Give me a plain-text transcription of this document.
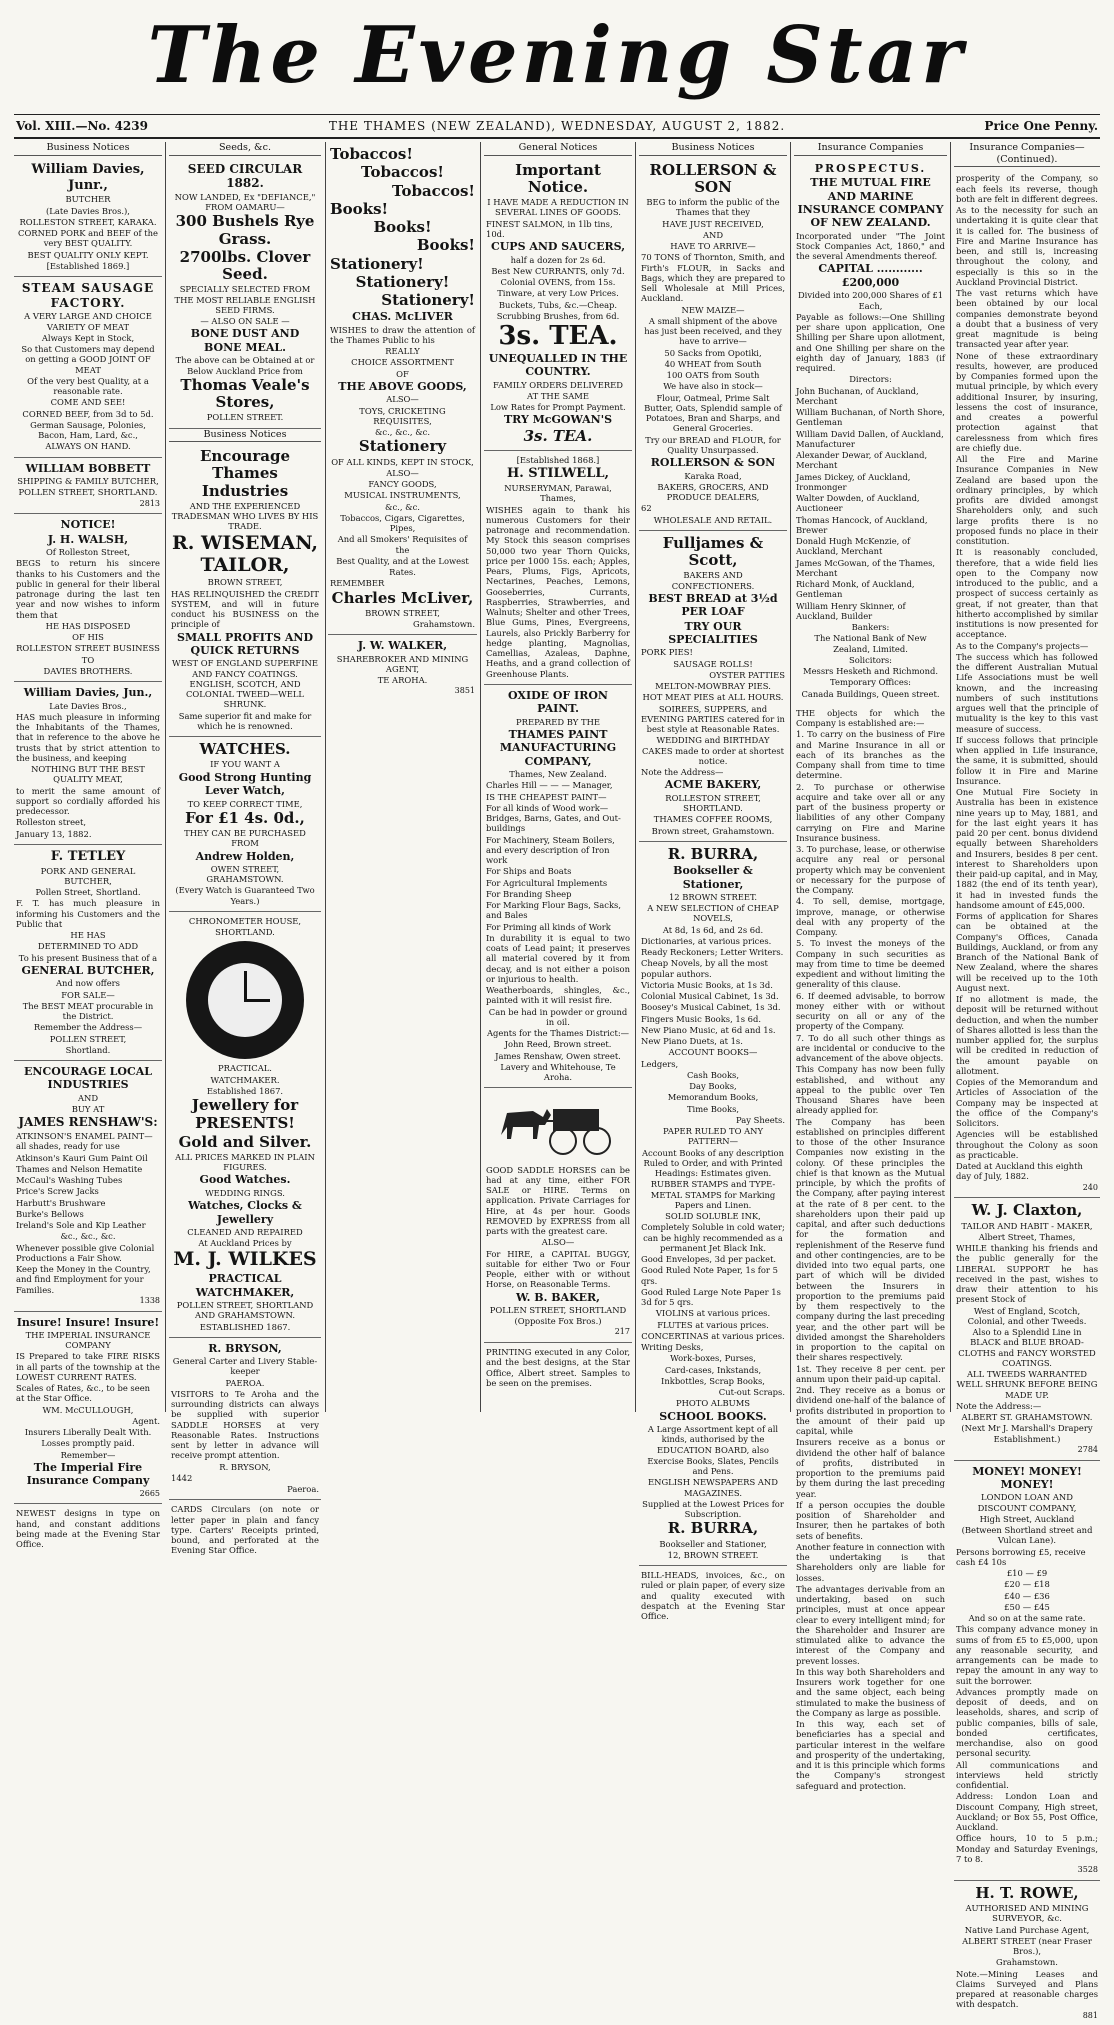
The Evening Star
Vol. XIII.—No. 4239	THE THAMES (NEW ZEALAND), WEDNESDAY, AUGUST 2, 1882.	Price One Penny.
Business Notices

William Davies, Junr.,

BUTCHER

(Late Davies Bros.),

ROLLESTON STREET, KARAKA.

CORNED PORK and BEEF of the very BEST QUALITY.

BEST QUALITY ONLY KEPT.

[Established 1869.]

STEAM SAUSAGE FACTORY.

A VERY LARGE AND CHOICE VARIETY OF MEAT

Always Kept in Stock,

So that Customers may depend on getting a GOOD JOINT OF MEAT

Of the very best Quality, at a reasonable rate.

COME AND SEE!

CORNED BEEF, from 3d to 5d.

German Sausage, Polonies, Bacon, Ham, Lard, &c.,

ALWAYS ON HAND.

WILLIAM BOBBETT

SHIPPING & FAMILY BUTCHER,

POLLEN STREET, SHORTLAND.

2813

NOTICE!

J. H. WALSH,

Of Rolleston Street,

BEGS to return his sincere thanks to his Customers and the public in general for their liberal patronage during the last ten year and now wishes to inform them that

HE HAS DISPOSED

OF HIS

ROLLESTON STREET BUSINESS

TO

DAVIES BROTHERS.

William Davies, Jun.,

Late Davies Bros.,

HAS much pleasure in informing the Inhabitants of the Thames, that in reference to the above he trusts that by strict attention to the business, and keeping

NOTHING BUT THE BEST QUALITY MEAT,

to merit the same amount of support so cordially afforded his predecessor.

Rolleston street,

January 13, 1882.

F. TETLEY

PORK AND GENERAL BUTCHER,

Pollen Street, Shortland.

F. T. has much pleasure in informing his Customers and the Public that

HE HAS

DETERMINED TO ADD

To his present Business that of a

GENERAL BUTCHER,

And now offers

FOR SALE—

The BEST MEAT procurable in the District.

Remember the Address—

POLLEN STREET,

Shortland.

ENCOURAGE LOCAL INDUSTRIES

AND

BUY AT

JAMES RENSHAW'S:

ATKINSON'S ENAMEL PAINT—all shades, ready for use

Atkinson's Kauri Gum Paint Oil

Thames and Nelson Hematite

McCaul's Washing Tubes

Price's Screw Jacks

Harbutt's Brushware

Burke's Bellows

Ireland's Sole and Kip Leather

&c., &c., &c.

Whenever possible give Colonial Productions a Fair Show.

Keep the Money in the Country, and find Employment for your Families.

1338

Insure! Insure! Insure!

THE IMPERIAL INSURANCE COMPANY

IS Prepared to take FIRE RISKS in all parts of the township at the LOWEST CURRENT RATES.

Scales of Rates, &c., to be seen at the Star Office.

WM. McCULLOUGH,

Agent.

Insurers Liberally Dealt With.

Losses promptly paid.

Remember—

The Imperial Fire Insurance Company

2665

NEWEST designs in type on hand, and constant additions being made at the Evening Star Office.

Seeds, &c.

SEED CIRCULAR 1882.

NOW LANDED, Ex "DEFIANCE," FROM OAMARU—

300 Bushels Rye Grass.

2700lbs. Clover Seed.

SPECIALLY SELECTED FROM THE MOST RELIABLE ENGLISH SEED FIRMS.

— ALSO ON SALE —

BONE DUST AND BONE MEAL.

The above can be Obtained at or Below Auckland Price from

Thomas Veale's Stores,

POLLEN STREET.

Business Notices

Encourage Thames Industries

AND THE EXPERIENCED TRADESMAN WHO LIVES BY HIS TRADE.

R. WISEMAN, TAILOR,

BROWN STREET,

HAS RELINQUISHED the CREDIT SYSTEM, and will in future conduct his BUSINESS on the principle of

SMALL PROFITS AND QUICK RETURNS

WEST OF ENGLAND SUPERFINE AND FANCY COATINGS. ENGLISH, SCOTCH, AND COLONIAL TWEED—WELL SHRUNK.

Same superior fit and make for which he is renowned.

WATCHES.

IF YOU WANT A

Good Strong Hunting Lever Watch,

TO KEEP CORRECT TIME,

For £1 4s. 0d.,

THEY CAN BE PURCHASED FROM

Andrew Holden,

OWEN STREET, GRAHAMSTOWN.

(Every Watch is Guaranteed Two Years.)

CHRONOMETER HOUSE,

SHORTLAND.

PRACTICAL.

WATCHMAKER.

Established 1867.

Jewellery for

PRESENTS!

Gold and Silver.

ALL PRICES MARKED IN PLAIN FIGURES.

Good Watches.

WEDDING RINGS.

Watches, Clocks & Jewellery

CLEANED AND REPAIRED

At Auckland Prices by

M. J. WILKES

PRACTICAL WATCHMAKER,

POLLEN STREET, SHORTLAND AND GRAHAMSTOWN.

ESTABLISHED 1867.

R. BRYSON,

General Carter and Livery Stable-keeper

PAEROA.

VISITORS to Te Aroha and the surrounding districts can always be supplied with superior SADDLE HORSES at very Reasonable Rates. Instructions sent by letter in advance will receive prompt attention.

R. BRYSON,

1442

Paeroa.

CARDS Circulars (on note or letter paper in plain and fancy type. Carters' Receipts printed, bound, and perforated at the Evening Star Office.

Tobaccos!

Tobaccos!

Tobaccos!

Books!

Books!

Books!

Stationery!

Stationery!

Stationery!

CHAS. McLIVER

WISHES to draw the attention of the Thames Public to his

REALLY

CHOICE ASSORTMENT

OF

THE ABOVE GOODS,

ALSO—

TOYS, CRICKETING REQUISITES,

&c., &c., &c.

Stationery

OF ALL KINDS, KEPT IN STOCK,

ALSO—

FANCY GOODS,

MUSICAL INSTRUMENTS,

&c., &c.

Tobaccos, Cigars, Cigarettes, Pipes,

And all Smokers' Requisites of the

Best Quality, and at the Lowest

Rates.

REMEMBER

Charles McLiver,

BROWN STREET,

Grahamstown.

J. W. WALKER,

SHAREBROKER AND MINING AGENT,

TE AROHA.

3851

General Notices

Important Notice.

I HAVE MADE A REDUCTION IN SEVERAL LINES OF GOODS.

FINEST SALMON, in 1lb tins, 10d.

CUPS AND SAUCERS,

half a dozen for 2s 6d.

Best New CURRANTS, only 7d.

Colonial OVENS, from 15s.

Tinware, at very Low Prices.

Buckets, Tubs, &c.—Cheap.

Scrubbing Brushes, from 6d.

3s. TEA.

UNEQUALLED IN THE COUNTRY.

FAMILY ORDERS DELIVERED

AT THE SAME

Low Rates for Prompt Payment.

TRY McGOWAN'S

3s. TEA.

[Established 1868.]

H. STILWELL,

NURSERYMAN, Parawai, Thames,

WISHES again to thank his numerous Customers for their patronage and recommendation. My Stock this season comprises 50,000 two year Thorn Quicks, price per 1000 15s. each; Apples, Pears, Plums, Figs, Apricots, Nectarines, Peaches, Lemons, Gooseberries, Currants, Raspberries, Strawberries, and Walnuts; Shelter and other Trees, Blue Gums, Pines, Evergreens, Laurels, also Prickly Barberry for hedge planting, Magnolias, Camellias, Azaleas, Daphne, Heaths, and a grand collection of Greenhouse Plants.

OXIDE OF IRON PAINT.

PREPARED BY THE

THAMES PAINT MANUFACTURING COMPANY,

Thames, New Zealand.

Charles Hill — — — Manager,

IS THE CHEAPEST PAINT—

For all kinds of Wood work—Bridges, Barns, Gates, and Out-buildings

For Machinery, Steam Boilers, and every description of Iron work

For Ships and Boats

For Agricultural Implements

For Branding Sheep

For Marking Flour Bags, Sacks, and Bales

For Priming all kinds of Work

In durability it is equal to two coats of Lead paint; it preserves all material covered by it from decay, and is not either a poison or injurious to health.

Weatherboards, shingles, &c., painted with it will resist fire.

Can be had in powder or ground in oil.

Agents for the Thames District:—

John Reed, Brown street.

James Renshaw, Owen street.

Lavery and Whitehouse, Te Aroha.

GOOD SADDLE HORSES can be had at any time, either FOR SALE or HIRE. Terms on application. Private Carriages for Hire, at 4s per hour. Goods REMOVED by EXPRESS from all parts with the greatest care.

ALSO—

For HIRE, a CAPITAL BUGGY, suitable for either Two or Four People, either with or without Horse, on Reasonable Terms.

W. B. BAKER,

POLLEN STREET, SHORTLAND

(Opposite Fox Bros.)

217

PRINTING executed in any Color, and the best designs, at the Star Office, Albert street. Samples to be seen on the premises.

Business Notices

ROLLERSON & SON

BEG to inform the public of the Thames that they

HAVE JUST RECEIVED,

AND

HAVE TO ARRIVE—

70 TONS of Thornton, Smith, and Firth's FLOUR, in Sacks and Bags, which they are prepared to Sell Wholesale at Mill Prices, Auckland.

NEW MAIZE—

A small shipment of the above has just been received, and they have to arrive—

50 Sacks from Opotiki,

40 WHEAT from South

100 OATS from South

We have also in stock—

Flour, Oatmeal, Prime Salt Butter, Oats, Splendid sample of Potatoes, Bran and Sharps, and General Groceries.

Try our BREAD and FLOUR, for Quality Unsurpassed.

ROLLERSON & SON

Karaka Road,

BAKERS, GROCERS, AND PRODUCE DEALERS,

62

WHOLESALE AND RETAIL.

Fulljames & Scott,

BAKERS AND CONFECTIONERS.

BEST BREAD at 3½d PER LOAF

TRY OUR SPECIALITIES

PORK PIES!

SAUSAGE ROLLS!

OYSTER PATTIES

MELTON-MOWBRAY PIES.

HOT MEAT PIES at ALL HOURS.

SOIREES, SUPPERS, and EVENING PARTIES catered for in best style at Reasonable Rates.

WEDDING and BIRTHDAY CAKES made to order at shortest notice.

Note the Address—

ACME BAKERY,

ROLLESTON STREET, SHORTLAND.

THAMES COFFEE ROOMS,

Brown street, Grahamstown.

R. BURRA,

Bookseller & Stationer,

12 BROWN STREET.

A NEW SELECTION of CHEAP NOVELS,

At 8d, 1s 6d, and 2s 6d.

Dictionaries, at various prices.

Ready Reckoners; Letter Writers.

Cheap Novels, by all the most popular authors.

Victoria Music Books, at 1s 3d.

Colonial Musical Cabinet, 1s 3d.

Boosey's Musical Cabinet, 1s 3d.

Fingers Music Books, 1s 6d.

New Piano Music, at 6d and 1s.

New Piano Duets, at 1s.

ACCOUNT BOOKS—

Ledgers,

Cash Books,

Day Books,

Memorandum Books,

Time Books,

Pay Sheets.

PAPER RULED TO ANY PATTERN—

Account Books of any description Ruled to Order, and with Printed Headings: Estimates given.

RUBBER STAMPS and TYPE-METAL STAMPS for Marking Papers and Linen.

SOLID SOLUBLE INK,

Completely Soluble in cold water; can be highly recommended as a permanent Jet Black Ink.

Good Envelopes, 3d per packet.

Good Ruled Note Paper, 1s for 5 qrs.

Good Ruled Large Note Paper 1s 3d for 5 qrs.

VIOLINS at various prices.

FLUTES at various prices.

CONCERTINAS at various prices.

Writing Desks,

Work-boxes, Purses,

Card-cases, Inkstands,

Inkbottles, Scrap Books,

Cut-out Scraps.

PHOTO ALBUMS

SCHOOL BOOKS.

A Large Assortment kept of all kinds, authorised by the EDUCATION BOARD, also

Exercise Books, Slates, Pencils and Pens.

ENGLISH NEWSPAPERS AND MAGAZINES.

Supplied at the Lowest Prices for Subscription.

R. BURRA,

Bookseller and Stationer,

12, BROWN STREET.

BILL-HEADS, invoices, &c., on ruled or plain paper, of every size and quality executed with despatch at the Evening Star Office.

Insurance Companies

PROSPECTUS.

THE MUTUAL FIRE AND MARINE INSURANCE COMPANY OF NEW ZEALAND.

Incorporated under "The Joint Stock Companies Act, 1860," and the several Amendments thereof.

CAPITAL ............ £200,000

Divided into 200,000 Shares of £1 Each,

Payable as follows:—One Shilling per share upon application, One Shilling per Share upon allotment, and One Shilling per share on the eighth day of January, 1883 (if required.

Directors:

John Buchanan, of Auckland, Merchant

William Buchanan, of North Shore, Gentleman

William David Dallen, of Auckland, Manufacturer

Alexander Dewar, of Auckland, Merchant

James Dickey, of Auckland, Ironmonger

Walter Dowden, of Auckland, Auctioneer

Thomas Hancock, of Auckland, Brewer

Donald Hugh McKenzie, of Auckland, Merchant

James McGowan, of the Thames, Merchant

Richard Monk, of Auckland, Gentleman

William Henry Skinner, of Auckland, Builder

Bankers:

The National Bank of New Zealand, Limited.

Solicitors:

Messrs Hesketh and Richmond.

Temporary Offices:

Canada Buildings, Queen street.

THE objects for which the Company is established are:—

1. To carry on the business of Fire and Marine Insurance in all or each of its branches as the Company shall from time to time determine.

2. To purchase or otherwise acquire and take over all or any part of the business property or liabilities of any other Company carrying on Fire and Marine Insurance business.

3. To purchase, lease, or otherwise acquire any real or personal property which may be convenient or necessary for the purpose of the Company.

4. To sell, demise, mortgage, improve, manage, or otherwise deal with any property of the Company.

5. To invest the moneys of the Company in such securities as may from time to time be deemed expedient and without limiting the generality of this clause.

6. If deemed advisable, to borrow money either with or without security on all or any of the property of the Company.

7. To do all such other things as are incidental or conducive to the advancement of the above objects.

This Company has now been fully established, and without any appeal to the public over Ten Thousand Shares have been already applied for.

The Company has been established on principles different to those of the other Insurance Companies now existing in the colony. Of these principles the chief is that known as the Mutual principle, by which the profits of the Company, after paying interest at the rate of 8 per cent. to the shareholders upon their paid up capital, and after such deductions for the formation and replenishment of the Reserve fund and other contingencies, are to be divided into two equal parts, one part of which will be divided between the Insurers in proportion to the premiums paid by them respectively to the company during the last preceding year, and the other part will be divided amongst the Shareholders in proportion to the capital on their shares respectively.

1st. They receive 8 per cent. per annum upon their paid-up capital.

2nd. They receive as a bonus or dividend one-half of the balance of profits distributed in proportion to the amount of their paid up capital, while

Insurers receive as a bonus or dividend the other half of balance of profits, distributed in proportion to the premiums paid by them during the last preceding year.

If a person occupies the double position of Shareholder and Insurer, then he partakes of both sets of benefits.

Another feature in connection with the undertaking is that Shareholders only are liable for losses.

The advantages derivable from an undertaking, based on such principles, must at once appear clear to every intelligent mind; for the Shareholder and Insurer are stimulated alike to advance the interest of the Company and prevent losses.

In this way both Shareholders and Insurers work together for one and the same object, each being stimulated to make the business of the Company as large as possible.

In this way, each set of beneficiaries has a special and particular interest in the welfare and prosperity of the undertaking, and it is this principle which forms the Company's strongest safeguard and protection.

Insurance Companies—(Continued).

prosperity of the Company, so each feels its reverse, though both are felt in different degrees.

As to the necessity for such an undertaking it is quite clear that it is called for. The business of Fire and Marine Insurance has been, and still is, increasing throughout the colony, and especially is this so in the Auckland Provincial District.

The vast returns which have been obtained by our local companies demonstrate beyond a doubt that a business of very great magnitude is being transacted year after year.

None of these extraordinary results, however, are produced by Companies formed upon the mutual principle, by which every additional Insurer, by insuring, lessens the cost of insurance, and creates a powerful protection against that carelessness from which fires are chiefly due.

All the Fire and Marine Insurance Companies in New Zealand are based upon the ordinary principles, by which profits are divided amongst Shareholders only, and such large profits there is no proposed funds no place in their constitution.

It is reasonably concluded, therefore, that a wide field lies open to the Company now introduced to the public, and a prospect of success certainly as great, if not greater, than that hitherto accomplished by similar institutions is now presented for acceptance.

As to the Company's projects—

The success which has followed the different Australian Mutual Life Associations must be well known, and the increasing numbers of such institutions argues well that the principle of mutuality is the key to this vast measure of success.

If success follows that principle when applied in Life insurance, the same, it is submitted, should follow it in Fire and Marine Insurance.

One Mutual Fire Society in Australia has been in existence nine years up to May, 1881, and for the last eight years it has paid 20 per cent. bonus dividend equally between Shareholders and Insurers, besides 8 per cent. interest to Shareholders upon their paid-up capital, and in May, 1882 (the end of its tenth year), it had in invested funds the handsome amount of £45,000.

Forms of application for Shares can be obtained at the Company's Offices, Canada Buildings, Auckland, or from any Branch of the National Bank of New Zealand, where the shares will be received up to the 10th August next.

If no allotment is made, the deposit will be returned without deduction, and when the number of Shares allotted is less than the number applied for, the surplus will be credited in reduction of the amount payable on allotment.

Copies of the Memorandum and Articles of Association of the Company may be inspected at the office of the Company's Solicitors.

Agencies will be established throughout the Colony as soon as practicable.

Dated at Auckland this eighth day of July, 1882.

240

W. J. Claxton,

TAILOR AND HABIT - MAKER,

Albert Street, Thames,

WHILE thanking his friends and the public generally for the LIBERAL SUPPORT he has received in the past, wishes to draw their attention to his present Stock of

West of England, Scotch, Colonial, and other Tweeds.

Also to a Splendid Line in BLACK and BLUE BROAD-CLOTHS and FANCY WORSTED COATINGS.

ALL TWEEDS WARRANTED WELL SHRUNK BEFORE BEING MADE UP.

Note the Address:—

ALBERT ST. GRAHAMSTOWN.

(Next Mr J. Marshall's Drapery Establishment.)

2784

MONEY! MONEY! MONEY!

LONDON LOAN AND DISCOUNT COMPANY,

High Street, Auckland

(Between Shortland street and Vulcan Lane).

Persons borrowing £5, receive cash £4 10s

£10 — £9

£20 — £18

£40 — £36

£50 — £45

And so on at the same rate.

This company advance money in sums of from £5 to £5,000, upon any reasonable security, and arrangements can be made to repay the amount in any way to suit the borrower.

Advances promptly made on deposit of deeds, and on leaseholds, shares, and scrip of public companies, bills of sale, bonded certificates, merchandise, also on good personal security.

All communications and interviews held strictly confidential.

Address: London Loan and Discount Company, High street, Auckland; or Box 55, Post Office, Auckland.

Office hours, 10 to 5 p.m.; Monday and Saturday Evenings, 7 to 8.

3528

H. T. ROWE,

AUTHORISED AND MINING SURVEYOR, &c.

Native Land Purchase Agent,

ALBERT STREET (near Fraser Bros.),

Grahamstown.

Note.—Mining Leases and Claims Surveyed and Plans prepared at reasonable charges with despatch.

881
